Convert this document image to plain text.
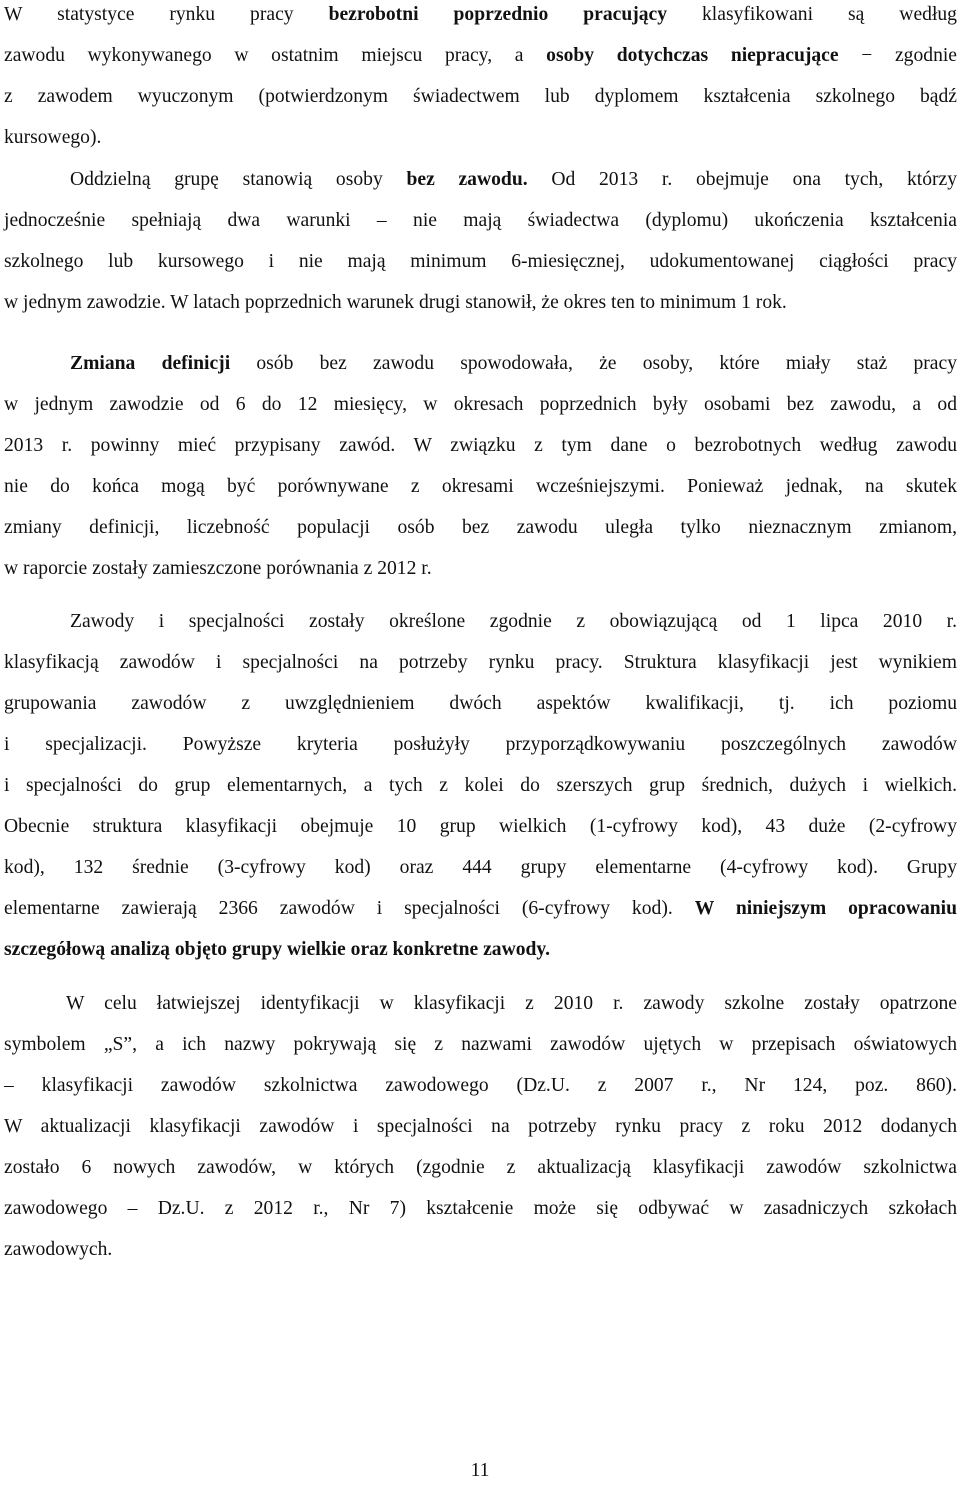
W statystyce rynku pracy bezrobotni poprzednio pracujący klasyfikowani są według
zawodu wykonywanego w ostatnim miejscu pracy, a osoby dotychczas niepracujące − zgodnie
z zawodem wyuczonym (potwierdzonym świadectwem lub dyplomem kształcenia szkolnego bądź
kursowego).

Oddzielną grupę stanowią osoby bez zawodu. Od 2013 r. obejmuje ona tych, którzy
jednocześnie spełniają dwa warunki – nie mają świadectwa (dyplomu) ukończenia kształcenia
szkolnego lub kursowego i nie mają minimum 6-miesięcznej, udokumentowanej ciągłości pracy
w jednym zawodzie. W latach poprzednich warunek drugi stanowił, że okres ten to minimum 1 rok.

Zmiana definicji osób bez zawodu spowodowała, że osoby, które miały staż pracy
w jednym zawodzie od 6 do 12 miesięcy, w okresach poprzednich były osobami bez zawodu, a od
2013 r. powinny mieć przypisany zawód. W związku z tym dane o bezrobotnych według zawodu
nie do końca mogą być porównywane z okresami wcześniejszymi. Ponieważ jednak, na skutek
zmiany definicji, liczebność populacji osób bez zawodu uległa tylko nieznacznym zmianom,
w raporcie zostały zamieszczone porównania z 2012 r.

Zawody i specjalności zostały określone zgodnie z obowiązującą od 1 lipca 2010 r.
klasyfikacją zawodów i specjalności na potrzeby rynku pracy. Struktura klasyfikacji jest wynikiem
grupowania zawodów z uwzględnieniem dwóch aspektów kwalifikacji, tj. ich poziomu
i specjalizacji. Powyższe kryteria posłużyły przyporządkowywaniu poszczególnych zawodów
i specjalności do grup elementarnych, a tych z kolei do szerszych grup średnich, dużych i wielkich.
Obecnie struktura klasyfikacji obejmuje 10 grup wielkich (1-cyfrowy kod), 43 duże (2-cyfrowy
kod), 132 średnie (3-cyfrowy kod) oraz 444 grupy elementarne (4-cyfrowy kod). Grupy
elementarne zawierają 2366 zawodów i specjalności (6-cyfrowy kod). W niniejszym opracowaniu
szczegółową analizą objęto grupy wielkie oraz konkretne zawody.

W celu łatwiejszej identyfikacji w klasyfikacji z 2010 r. zawody szkolne zostały opatrzone
symbolem „S”, a ich nazwy pokrywają się z nazwami zawodów ujętych w przepisach oświatowych
– klasyfikacji zawodów szkolnictwa zawodowego (Dz.U. z 2007 r., Nr 124, poz. 860).
W aktualizacji klasyfikacji zawodów i specjalności na potrzeby rynku pracy z roku 2012 dodanych
zostało 6 nowych zawodów, w których (zgodnie z aktualizacją klasyfikacji zawodów szkolnictwa
zawodowego – Dz.U. z 2012 r., Nr 7) kształcenie może się odbywać w zasadniczych szkołach
zawodowych.

11
